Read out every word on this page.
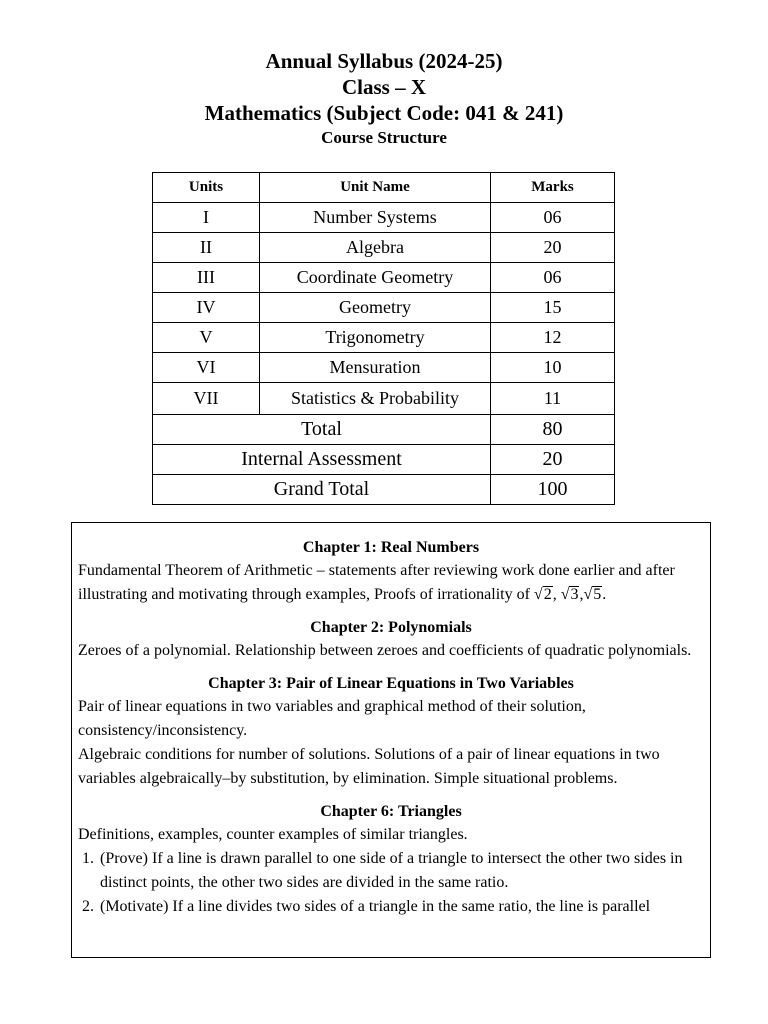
Annual Syllabus (2024-25)
Class – X
Mathematics (Subject Code: 041 & 241)
Course Structure
Units	Unit Name	Marks
I	Number Systems	06
II	Algebra	20
III	Coordinate Geometry	06
IV	Geometry	15
V	Trigonometry	12
VI	Mensuration	10
VII	Statistics & Probability	11
Total		80
Internal Assessment		20
Grand Total		100
Chapter 1: Real Numbers

Fundamental Theorem of Arithmetic – statements after reviewing work done earlier and after illustrating and motivating through examples, Proofs of irrationality of √2, √3,√5.

Chapter 2: Polynomials

Zeroes of a polynomial. Relationship between zeroes and coefficients of quadratic polynomials.

Chapter 3: Pair of Linear Equations in Two Variables

Pair of linear equations in two variables and graphical method of their solution, consistency/inconsistency.

Algebraic conditions for number of solutions. Solutions of a pair of linear equations in two variables algebraically–by substitution, by elimination. Simple situational problems.

Chapter 6: Triangles

Definitions, examples, counter examples of similar triangles.

1. (Prove) If a line is drawn parallel to one side of a triangle to intersect the other two sides in distinct points, the other two sides are divided in the same ratio.
2. (Motivate) If a line divides two sides of a triangle in the same ratio, the line is parallel
